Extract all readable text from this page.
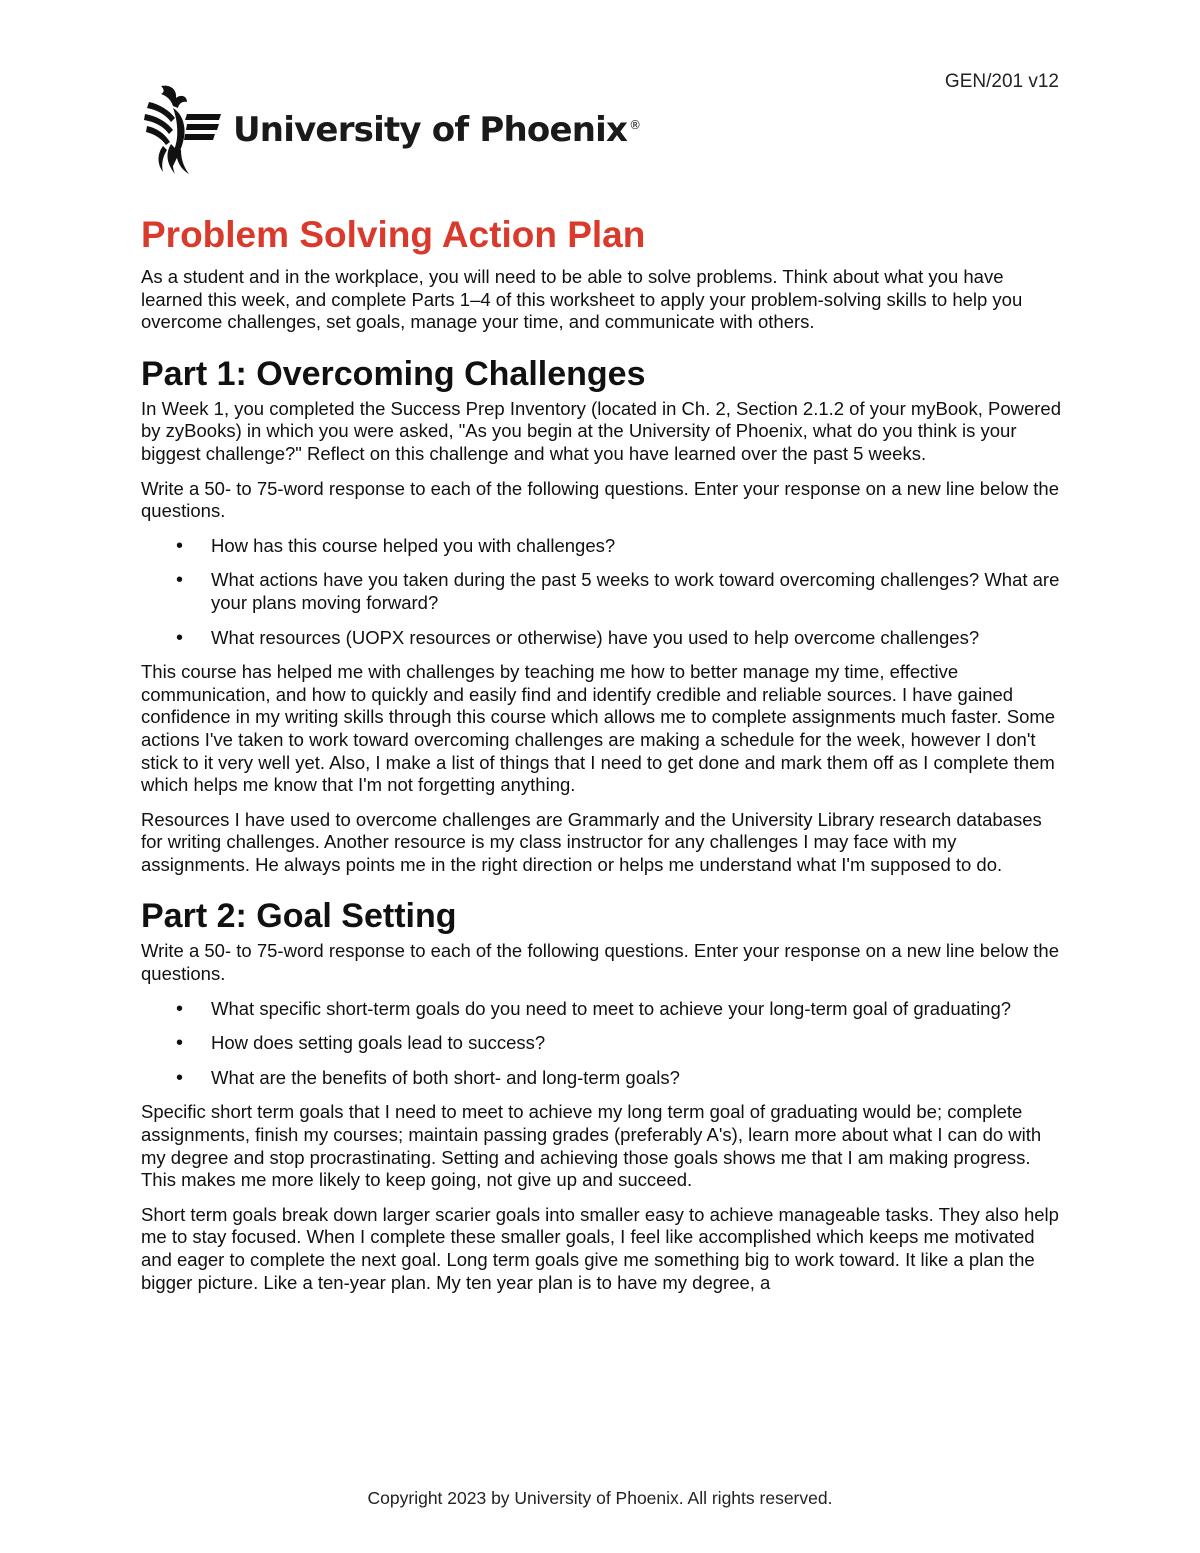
GEN/201 v12
University of Phoenix ®
Problem Solving Action Plan

As a student and in the workplace, you will need to be able to solve problems. Think about what you have learned this week, and complete Parts 1–4 of this worksheet to apply your problem-solving skills to help you overcome challenges, set goals, manage your time, and communicate with others.

Part 1: Overcoming Challenges

In Week 1, you completed the Success Prep Inventory (located in Ch. 2, Section 2.1.2 of your myBook, Powered by zyBooks) in which you were asked, "As you begin at the University of Phoenix, what do you think is your biggest challenge?" Reflect on this challenge and what you have learned over the past 5 weeks.

Write a 50- to 75-word response to each of the following questions. Enter your response on a new line below the questions.

• How has this course helped you with challenges?
• What actions have you taken during the past 5 weeks to work toward overcoming challenges? What are your plans moving forward?
• What resources (UOPX resources or otherwise) have you used to help overcome challenges?

This course has helped me with challenges by teaching me how to better manage my time, effective communication, and how to quickly and easily find and identify credible and reliable sources. I have gained confidence in my writing skills through this course which allows me to complete assignments much faster. Some actions I've taken to work toward overcoming challenges are making a schedule for the week, however I don't stick to it very well yet. Also, I make a list of things that I need to get done and mark them off as I complete them which helps me know that I'm not forgetting anything.

Resources I have used to overcome challenges are Grammarly and the University Library research databases for writing challenges. Another resource is my class instructor for any challenges I may face with my assignments. He always points me in the right direction or helps me understand what I'm supposed to do.

Part 2: Goal Setting

Write a 50- to 75-word response to each of the following questions. Enter your response on a new line below the questions.

• What specific short-term goals do you need to meet to achieve your long-term goal of graduating?
• How does setting goals lead to success?
• What are the benefits of both short- and long-term goals?

Specific short term goals that I need to meet to achieve my long term goal of graduating would be; complete assignments, finish my courses; maintain passing grades (preferably A's), learn more about what I can do with my degree and stop procrastinating. Setting and achieving those goals shows me that I am making progress. This makes me more likely to keep going, not give up and succeed.

Short term goals break down larger scarier goals into smaller easy to achieve manageable tasks. They also help me to stay focused. When I complete these smaller goals, I feel like accomplished which keeps me motivated and eager to complete the next goal. Long term goals give me something big to work toward. It like a plan the bigger picture. Like a ten-year plan. My ten year plan is to have my degree, a

Copyright 2023 by University of Phoenix. All rights reserved.
